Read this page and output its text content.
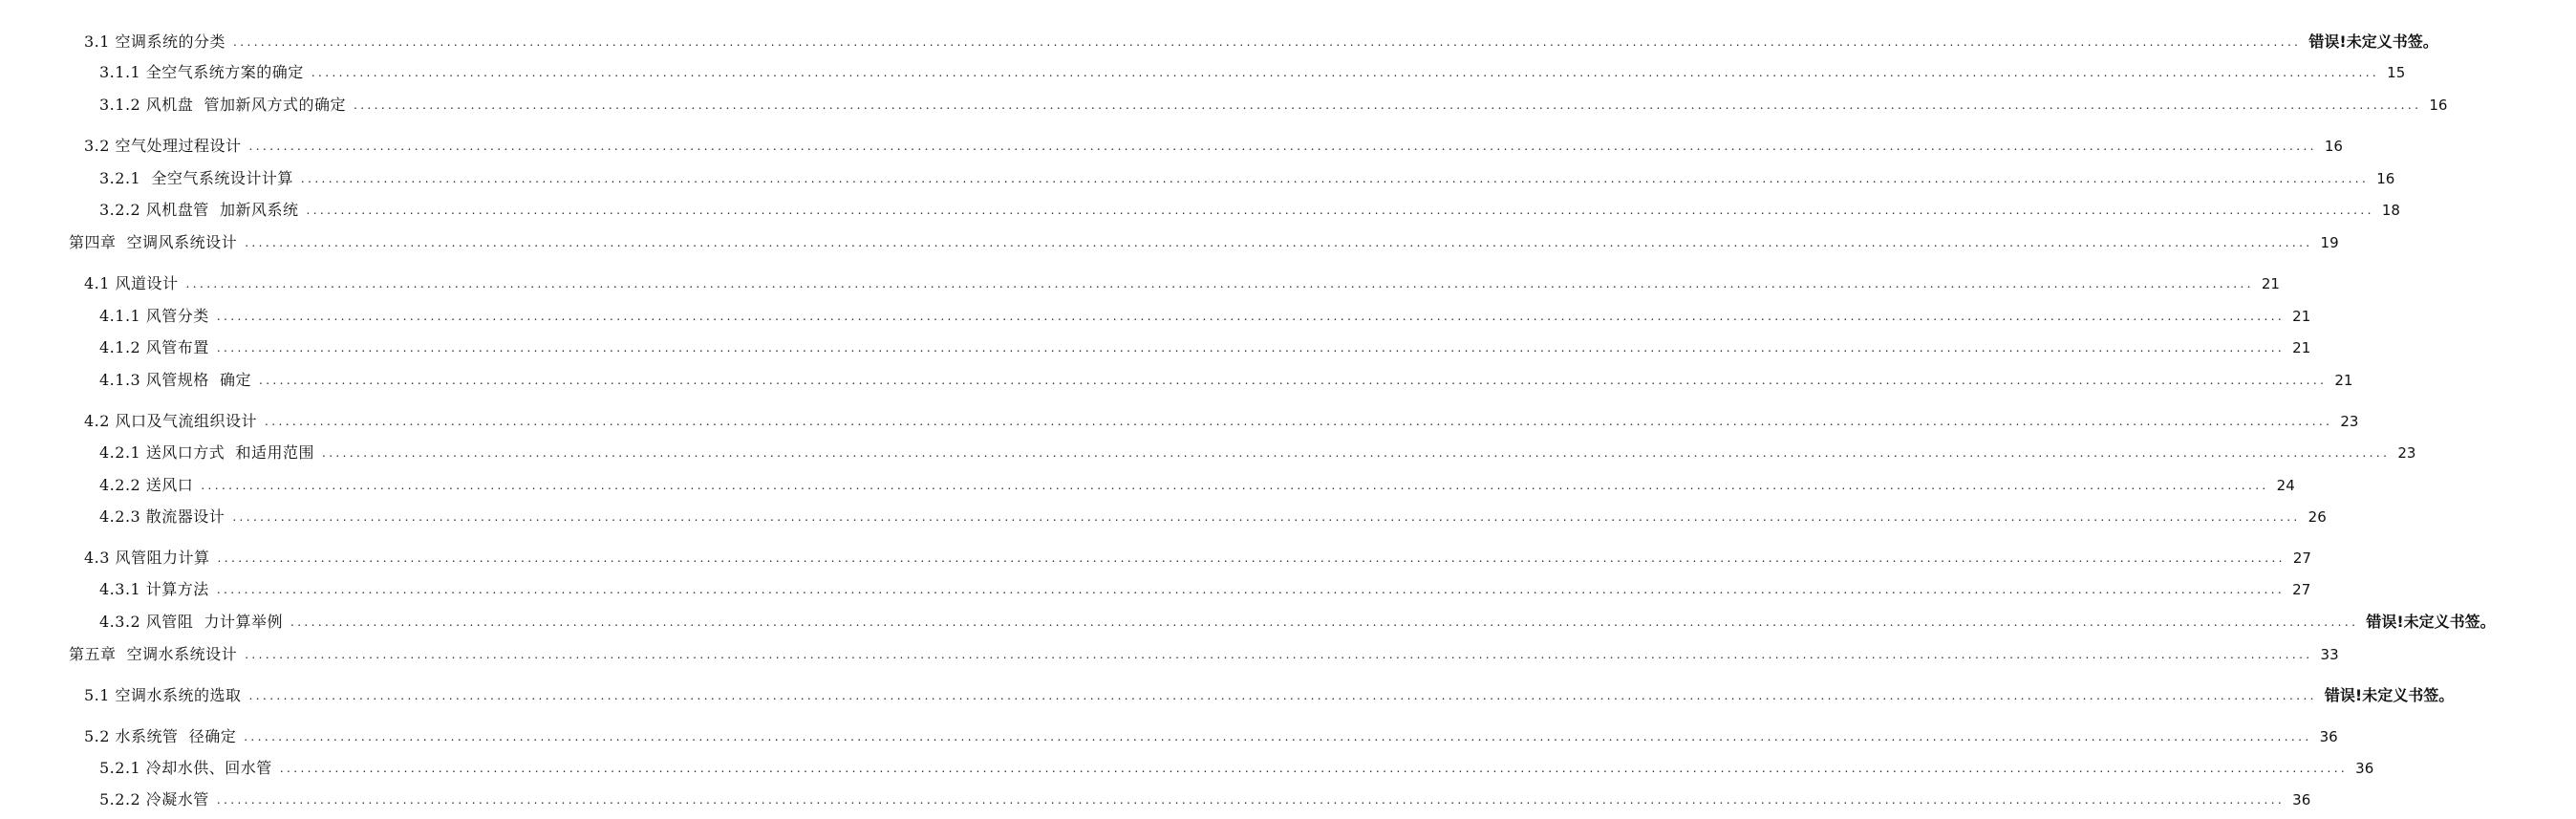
3.1 空调系统的分类 ............................................................................................................................................................................................................................................................................................................ 错误!未定义书签。
3.1.1 全空气系统方案的确定 ............................................................................................................................................................................................................................................................................................................ 15
3.1.2 风机盘  管加新风方式的确定 ............................................................................................................................................................................................................................................................................................................ 16
3.2 空气处理过程设计 ............................................................................................................................................................................................................................................................................................................ 16
3.2.1  全空气系统设计计算 ............................................................................................................................................................................................................................................................................................................ 16
3.2.2 风机盘管  加新风系统 ............................................................................................................................................................................................................................................................................................................ 18
第四章  空调风系统设计 ............................................................................................................................................................................................................................................................................................................ 19
4.1 风道设计 ............................................................................................................................................................................................................................................................................................................ 21
4.1.1 风管分类 ............................................................................................................................................................................................................................................................................................................ 21
4.1.2 风管布置 ............................................................................................................................................................................................................................................................................................................ 21
4.1.3 风管规格  确定 ............................................................................................................................................................................................................................................................................................................ 21
4.2 风口及气流组织设计 ............................................................................................................................................................................................................................................................................................................ 23
4.2.1 送风口方式  和适用范围 ............................................................................................................................................................................................................................................................................................................ 23
4.2.2 送风口 ............................................................................................................................................................................................................................................................................................................ 24
4.2.3 散流器设计 ............................................................................................................................................................................................................................................................................................................ 26
4.3 风管阻力计算 ............................................................................................................................................................................................................................................................................................................ 27
4.3.1 计算方法 ............................................................................................................................................................................................................................................................................................................ 27
4.3.2 风管阻  力计算举例 ............................................................................................................................................................................................................................................................................................................ 错误!未定义书签。
第五章  空调水系统设计 ............................................................................................................................................................................................................................................................................................................ 33
5.1 空调水系统的选取 ............................................................................................................................................................................................................................................................................................................ 错误!未定义书签。
5.2 水系统管  径确定 ............................................................................................................................................................................................................................................................................................................ 36
5.2.1 冷却水供、回水管 ............................................................................................................................................................................................................................................................................................................ 36
5.2.2 冷凝水管 ............................................................................................................................................................................................................................................................................................................ 36
